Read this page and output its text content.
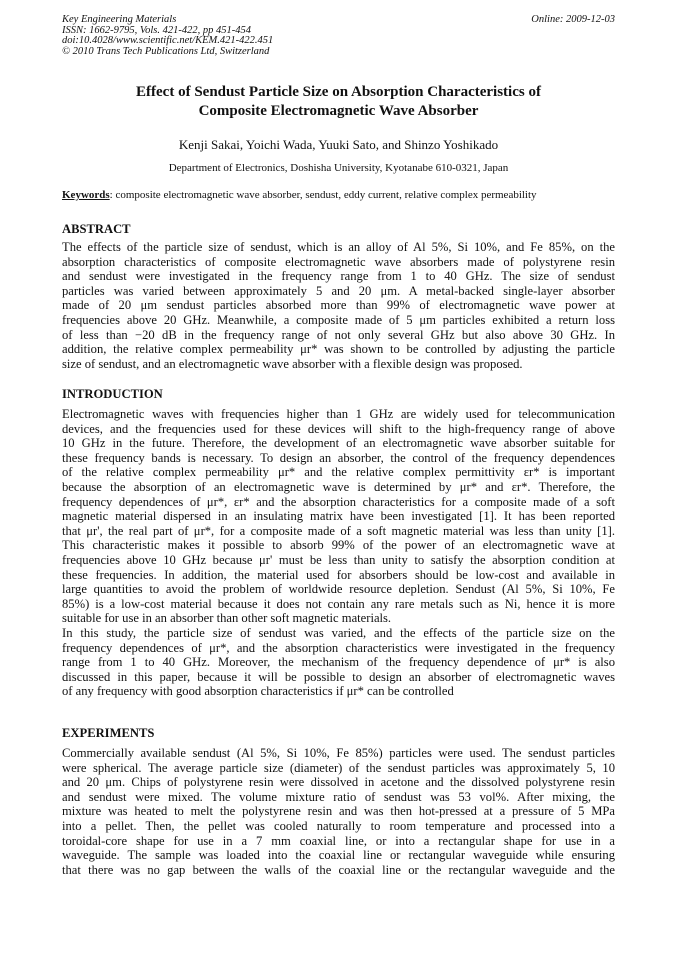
Key Engineering Materials
ISSN: 1662-9795, Vols. 421-422, pp 451-454
doi:10.4028/www.scientific.net/KEM.421-422.451
© 2010 Trans Tech Publications Ltd, Switzerland
Online: 2009-12-03
Effect of Sendust Particle Size on Absorption Characteristics of
Composite Electromagnetic Wave Absorber
Kenji Sakai, Yoichi Wada, Yuuki Sato, and Shinzo Yoshikado
Department of Electronics, Doshisha University, Kyotanabe 610-0321, Japan
Keywords: composite electromagnetic wave absorber, sendust, eddy current, relative complex permeability
ABSTRACT
The effects of the particle size of sendust, which is an alloy of Al 5%, Si 10%, and Fe 85%, on the
absorption characteristics of composite electromagnetic wave absorbers made of polystyrene resin
and sendust were investigated in the frequency range from 1 to 40 GHz. The size of sendust
particles was varied between approximately 5 and 20 μm. A metal-backed single-layer absorber
made of 20 μm sendust particles absorbed more than 99% of electromagnetic wave power at
frequencies above 20 GHz. Meanwhile, a composite made of 5 μm particles exhibited a return loss
of less than −20 dB in the frequency range of not only several GHz but also above 30 GHz. In
addition, the relative complex permeability μr* was shown to be controlled by adjusting the particle
size of sendust, and an electromagnetic wave absorber with a flexible design was proposed.
INTRODUCTION
Electromagnetic waves with frequencies higher than 1 GHz are widely used for telecommunication
devices, and the frequencies used for these devices will shift to the high-frequency range of above
10 GHz in the future. Therefore, the development of an electromagnetic wave absorber suitable for
these frequency bands is necessary. To design an absorber, the control of the frequency dependences
of the relative complex permeability μr* and the relative complex permittivity εr* is important
because the absorption of an electromagnetic wave is determined by μr* and εr*. Therefore, the
frequency dependences of μr*, εr* and the absorption characteristics for a composite made of a soft
magnetic material dispersed in an insulating matrix have been investigated [1]. It has been reported
that μr', the real part of μr*, for a composite made of a soft magnetic material was less than unity [1].
This characteristic makes it possible to absorb 99% of the power of an electromagnetic wave at
frequencies above 10 GHz because μr' must be less than unity to satisfy the absorption condition at
these frequencies. In addition, the material used for absorbers should be low-cost and available in
large quantities to avoid the problem of worldwide resource depletion. Sendust (Al 5%, Si 10%, Fe
85%) is a low-cost material because it does not contain any rare metals such as Ni, hence it is more
suitable for use in an absorber than other soft magnetic materials.
In this study, the particle size of sendust was varied, and the effects of the particle size on the
frequency dependences of μr*, and the absorption characteristics were investigated in the frequency
range from 1 to 40 GHz. Moreover, the mechanism of the frequency dependence of μr* is also
discussed in this paper, because it will be possible to design an absorber of electromagnetic waves
of any frequency with good absorption characteristics if μr* can be controlled
EXPERIMENTS
Commercially available sendust (Al 5%, Si 10%, Fe 85%) particles were used. The sendust particles
were spherical. The average particle size (diameter) of the sendust particles was approximately 5, 10
and 20 μm. Chips of polystyrene resin were dissolved in acetone and the dissolved polystyrene resin
and sendust were mixed. The volume mixture ratio of sendust was 53 vol%. After mixing, the
mixture was heated to melt the polystyrene resin and was then hot-pressed at a pressure of 5 MPa
into a pellet. Then, the pellet was cooled naturally to room temperature and processed into a
toroidal-core shape for use in a 7 mm coaxial line, or into a rectangular shape for use in a
waveguide. The sample was loaded into the coaxial line or rectangular waveguide while ensuring
that there was no gap between the walls of the coaxial line or the rectangular waveguide and the
